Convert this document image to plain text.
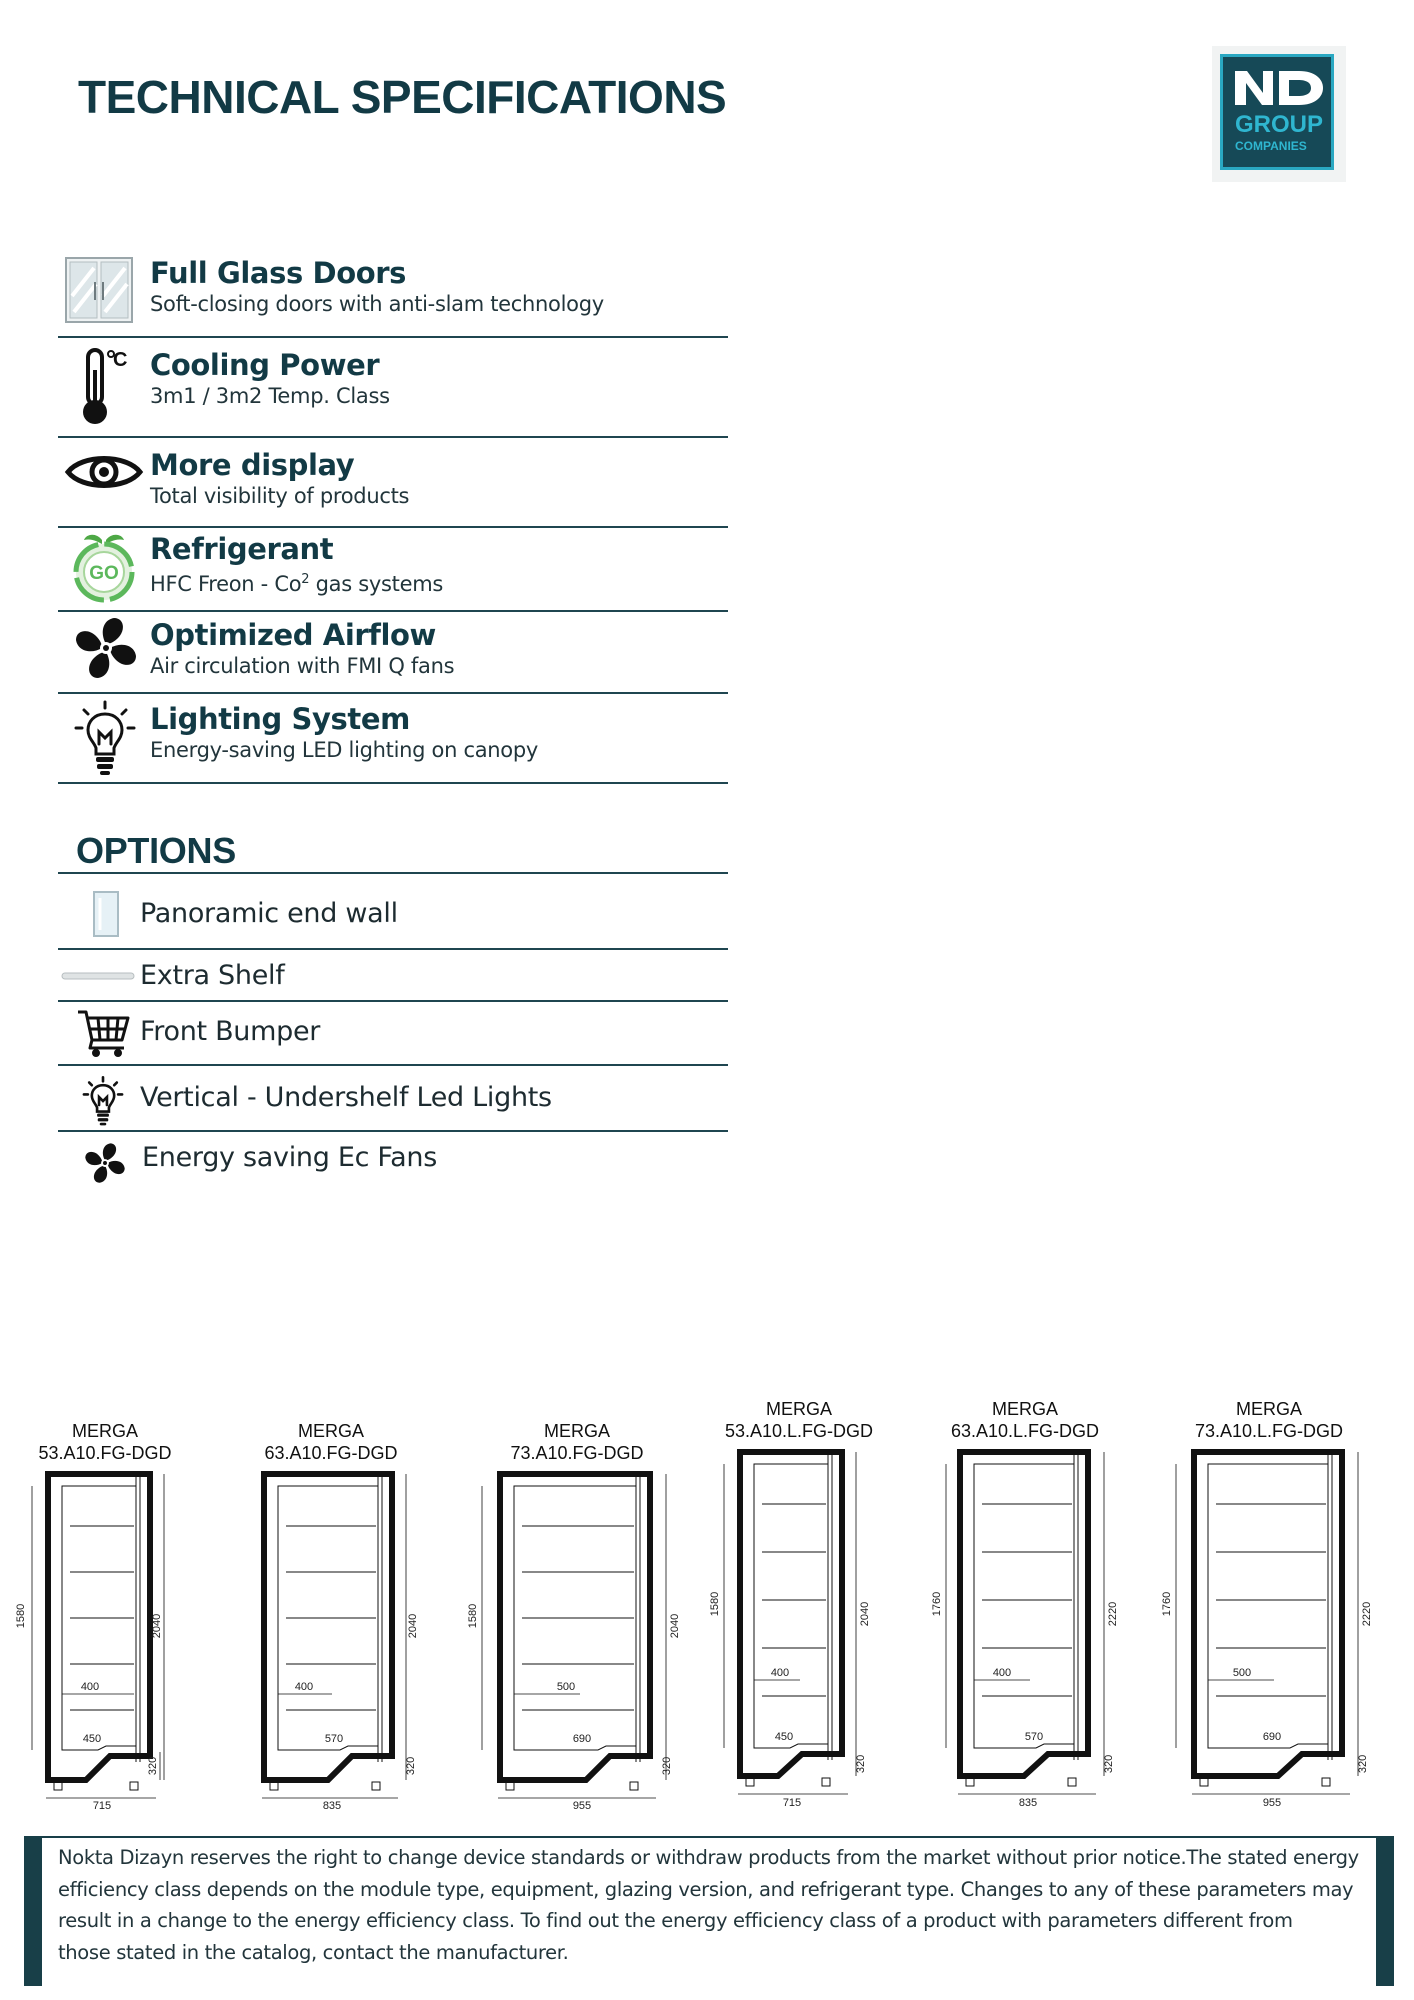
TECHNICAL SPECIFICATIONS
GROUP
COMPANIES
Full Glass Doors
Soft-closing doors with anti-slam technology
C Cooling Power
3m1 / 3m2 Temp. Class
More display
Total visibility of products
GO
Refrigerant
HFC Freon - Co$^2$ gas systems
Optimized Airflow
Air circulation with FMI Q fans
Lighting System
Energy-saving LED lighting on canopy
OPTIONS
Panoramic end wall
Extra Shelf
Front Bumper
Vertical - Undershelf Led Lights
Energy saving Ec Fans
MERGA
53.A10.FG-DGD
MERGA
63.A10.FG-DGD
MERGA
73.A10.FG-DGD
MERGA
53.A10.L.FG-DGD
MERGA
63.A10.L.FG-DGD
MERGA
73.A10.L.FG-DGD
1580	2040
400
450
320
715
2040
400
570
320
835
1580	2040
500
690
320
955
1580	2040
400
450
320
715
1760	2220
400
570
320
835
1760	2220
500
690
320
955
Nokta Dizayn reserves the right to change device standards or withdraw products from the market without prior notice.The stated energy
efficiency class depends on the module type, equipment, glazing version, and refrigerant type. Changes to any of these parameters may
result in a change to the energy efficiency class. To find out the energy efficiency class of a product with parameters different from
those stated in the catalog, contact the manufacturer.
